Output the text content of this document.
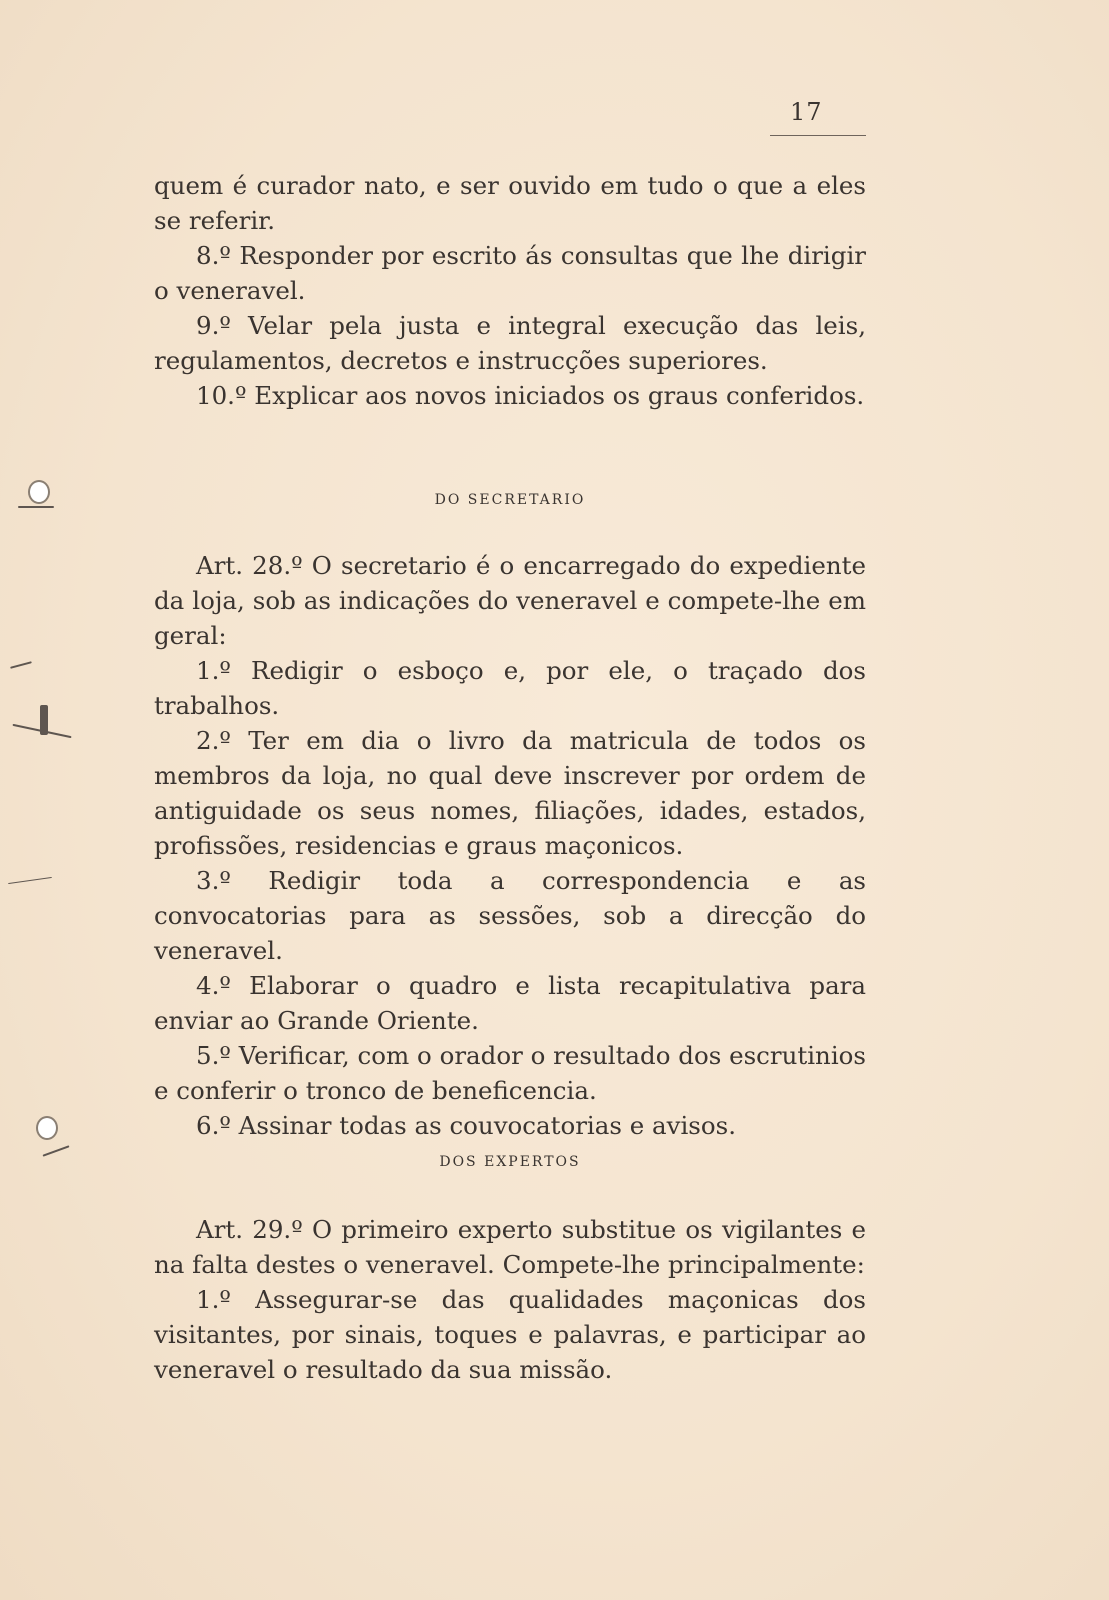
17

quem é curador nato, e ser ouvido em tudo o que a eles se referir.

8.º Responder por escrito ás consultas que lhe dirigir o veneravel.

9.º Velar pela justa e integral execução das leis, regulamentos, decretos e instrucções superiores.

10.º Explicar aos novos iniciados os graus conferidos.

DO SECRETARIO

Art. 28.º O secretario é o encarregado do expediente da loja, sob as indicações do veneravel e compete-lhe em geral:

1.º Redigir o esboço e, por ele, o traçado dos trabalhos.

2.º Ter em dia o livro da matricula de todos os membros da loja, no qual deve inscrever por ordem de antiguidade os seus nomes, filiações, idades, estados, profissões, residencias e graus maçonicos.

3.º Redigir toda a correspondencia e as convocatorias para as sessões, sob a direcção do veneravel.

4.º Elaborar o quadro e lista recapitulativa para enviar ao Grande Oriente.

5.º Verificar, com o orador o resultado dos escrutinios e conferir o tronco de beneficencia.

6.º Assinar todas as couvocatorias e avisos.

DOS EXPERTOS

Art. 29.º O primeiro experto substitue os vigilantes e na falta destes o veneravel. Compete-lhe principalmente:

1.º Assegurar-se das qualidades maçonicas dos visitantes, por sinais, toques e palavras, e participar ao veneravel o resultado da sua missão.
